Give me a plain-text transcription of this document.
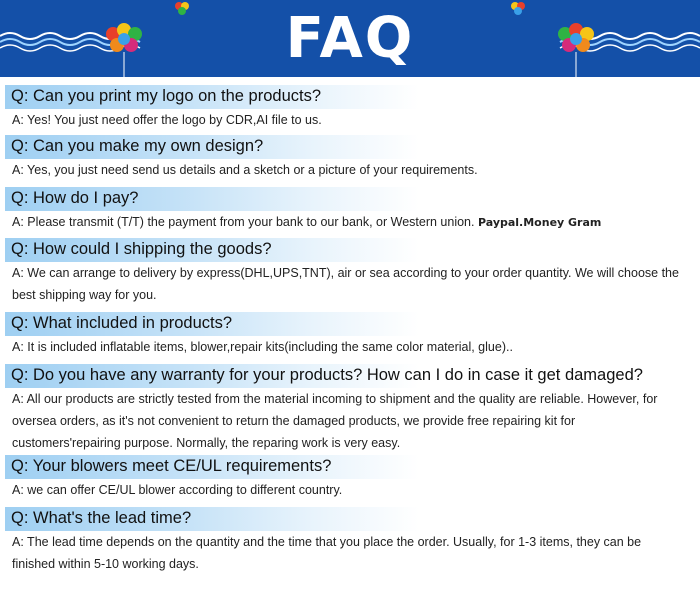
FAQ
Q: Can you print my logo on the products?
A: Yes! You just need offer the logo by CDR,AI file to us.
Q: Can you make my own design?
A: Yes, you just need send us details and a sketch or a picture of your requirements.
Q: How do I pay?
A: Please transmit (T/T) the payment from your bank to our bank, or Western union. Paypal.Money Gram
Q: How could I shipping the goods?
A: We can arrange to delivery by express(DHL,UPS,TNT), air or sea according to your order quantity. We will choose the best shipping way for you.
Q: What included in products?
A: It is included inflatable items, blower,repair kits(including the same color material, glue)..
Q: Do you have any warranty for your products? How can I do in case it get damaged?
A: All our products are strictly tested from the material incoming to shipment and the quality are reliable. However, for oversea orders, as it's not convenient to return the damaged products, we provide free repairing kit for customers'repairing purpose. Normally, the reparing work is very easy.
Q: Your blowers meet CE/UL requirements?
A: we can offer CE/UL blower according to different country.
Q: What's the lead time?
A: The lead time depends on the quantity and the time that you place the order. Usually, for 1-3 items, they can be finished within 5-10 working days.
